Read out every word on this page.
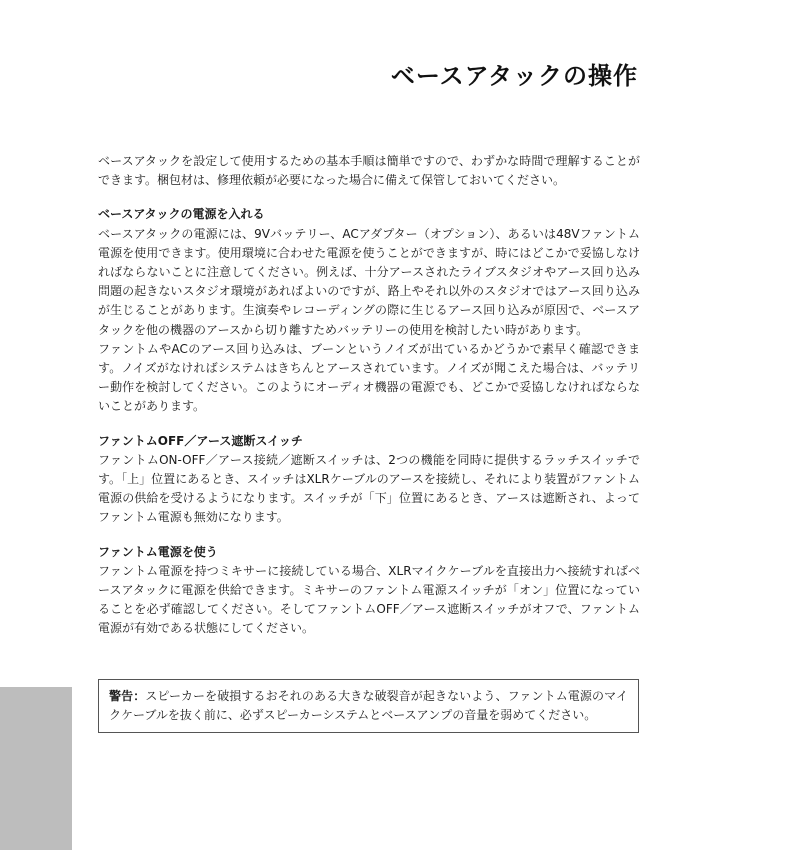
ベースアタックの操作

ベースアタックを設定して使用するための基本手順は簡単ですので、わずかな時間で理解することができます。梱包材は、修理依頼が必要になった場合に備えて保管しておいてください。

ベースアタックの電源を入れる

ベースアタックの電源には、9Vバッテリー、ACアダプター（オプション）、あるいは48Vファントム電源を使用できます。使用環境に合わせた電源を使うことができますが、時にはどこかで妥協しなければならないことに注意してください。例えば、十分アースされたライブスタジオやアース回り込み問題の起きないスタジオ環境があればよいのですが、路上やそれ以外のスタジオではアース回り込みが生じることがあります。生演奏やレコーディングの際に生じるアース回り込みが原因で、ベースアタックを他の機器のアースから切り離すためバッテリーの使用を検討したい時があります。

ファントムやACのアース回り込みは、ブーンというノイズが出ているかどうかで素早く確認できます。ノイズがなければシステムはきちんとアースされています。ノイズが聞こえた場合は、バッテリー動作を検討してください。このようにオーディオ機器の電源でも、どこかで妥協しなければならないことがあります。

ファントムOFF／アース遮断スイッチ

ファントムON-OFF／アース接続／遮断スイッチは、2つの機能を同時に提供するラッチスイッチです。「上」位置にあるとき、スイッチはXLRケーブルのアースを接続し、それにより装置がファントム電源の供給を受けるようになります。スイッチが「下」位置にあるとき、アースは遮断され、よってファントム電源も無効になります。

ファントム電源を使う

ファントム電源を持つミキサーに接続している場合、XLRマイクケーブルを直接出力へ接続すればベースアタックに電源を供給できます。ミキサーのファントム電源スイッチが「オン」位置になっていることを必ず確認してください。そしてファントムOFF／アース遮断スイッチがオフで、ファントム電源が有効である状態にしてください。

警告：スピーカーを破損するおそれのある大きな破裂音が起きないよう、ファントム電源のマイクケーブルを抜く前に、必ずスピーカーシステムとベースアンプの音量を弱めてください。
